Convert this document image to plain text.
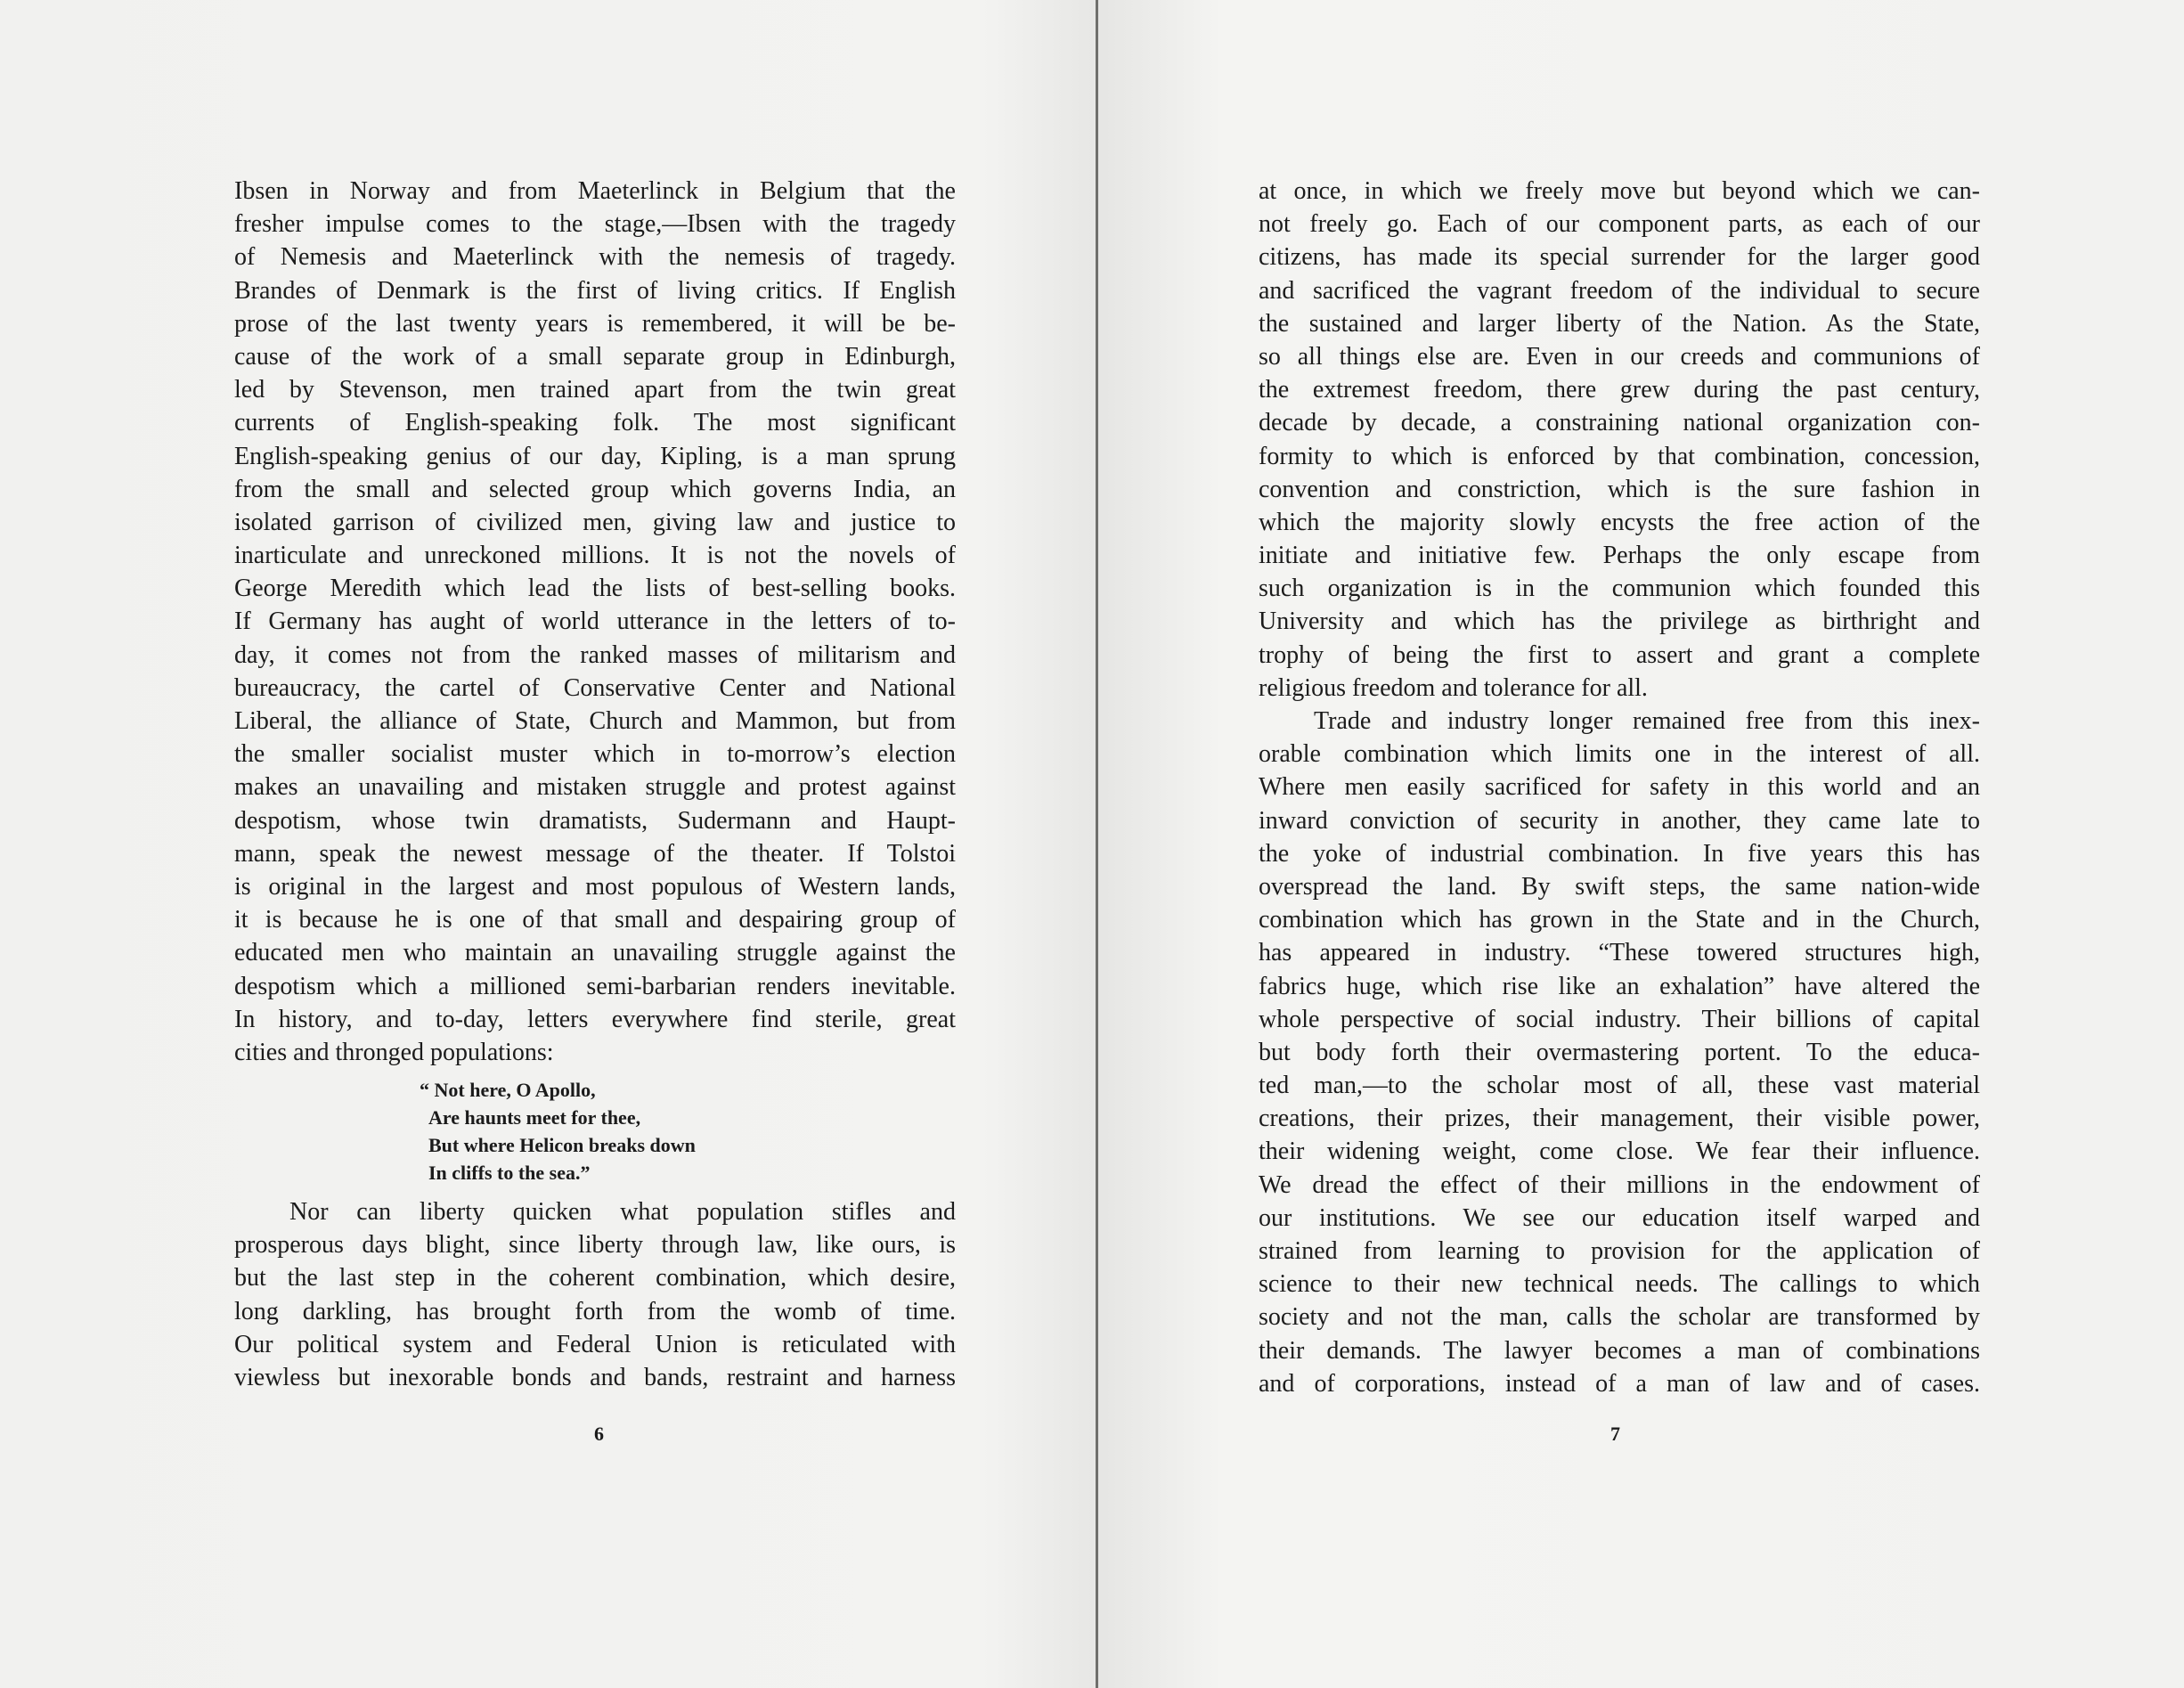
Ibsen in Norway and from Maeterlinck in Belgium that the
fresher impulse comes to the stage,—Ibsen with the tragedy
of Nemesis and Maeterlinck with the nemesis of tragedy.
Brandes of Denmark is the first of living critics. If English
prose of the last twenty years is remembered, it will be be-
cause of the work of a small separate group in Edinburgh,
led by Stevenson, men trained apart from the twin great
currents of English-speaking folk. The most significant
English-speaking genius of our day, Kipling, is a man sprung
from the small and selected group which governs India, an
isolated garrison of civilized men, giving law and justice to
inarticulate and unreckoned millions. It is not the novels of
George Meredith which lead the lists of best-selling books.
If Germany has aught of world utterance in the letters of to-
day, it comes not from the ranked masses of militarism and
bureaucracy, the cartel of Conservative Center and National
Liberal, the alliance of State, Church and Mammon, but from
the smaller socialist muster which in to-morrow’s election
makes an unavailing and mistaken struggle and protest against
despotism, whose twin dramatists, Sudermann and Haupt-
mann, speak the newest message of the theater. If Tolstoi
is original in the largest and most populous of Western lands,
it is because he is one of that small and despairing group of
educated men who maintain an unavailing struggle against the
despotism which a millioned semi-barbarian renders inevitable.
In history, and to-day, letters everywhere find sterile, great
cities and thronged populations:
“ Not here, O Apollo,
Are haunts meet for thee,
But where Helicon breaks down
In cliffs to the sea.”
Nor can liberty quicken what population stifles and
prosperous days blight, since liberty through law, like ours, is
but the last step in the coherent combination, which desire,
long darkling, has brought forth from the womb of time.
Our political system and Federal Union is reticulated with
viewless but inexorable bonds and bands, restraint and harness
6
at once, in which we freely move but beyond which we can-
not freely go. Each of our component parts, as each of our
citizens, has made its special surrender for the larger good
and sacrificed the vagrant freedom of the individual to secure
the sustained and larger liberty of the Nation. As the State,
so all things else are. Even in our creeds and communions of
the extremest freedom, there grew during the past century,
decade by decade, a constraining national organization con-
formity to which is enforced by that combination, concession,
convention and constriction, which is the sure fashion in
which the majority slowly encysts the free action of the
initiate and initiative few. Perhaps the only escape from
such organization is in the communion which founded this
University and which has the privilege as birthright and
trophy of being the first to assert and grant a complete
religious freedom and tolerance for all.
Trade and industry longer remained free from this inex-
orable combination which limits one in the interest of all.
Where men easily sacrificed for safety in this world and an
inward conviction of security in another, they came late to
the yoke of industrial combination. In five years this has
overspread the land. By swift steps, the same nation-wide
combination which has grown in the State and in the Church,
has appeared in industry. “These towered structures high,
fabrics huge, which rise like an exhalation” have altered the
whole perspective of social industry. Their billions of capital
but body forth their overmastering portent. To the educa-
ted man,—to the scholar most of all, these vast material
creations, their prizes, their management, their visible power,
their widening weight, come close. We fear their influence.
We dread the effect of their millions in the endowment of
our institutions. We see our education itself warped and
strained from learning to provision for the application of
science to their new technical needs. The callings to which
society and not the man, calls the scholar are transformed by
their demands. The lawyer becomes a man of combinations
and of corporations, instead of a man of law and of cases.
7
